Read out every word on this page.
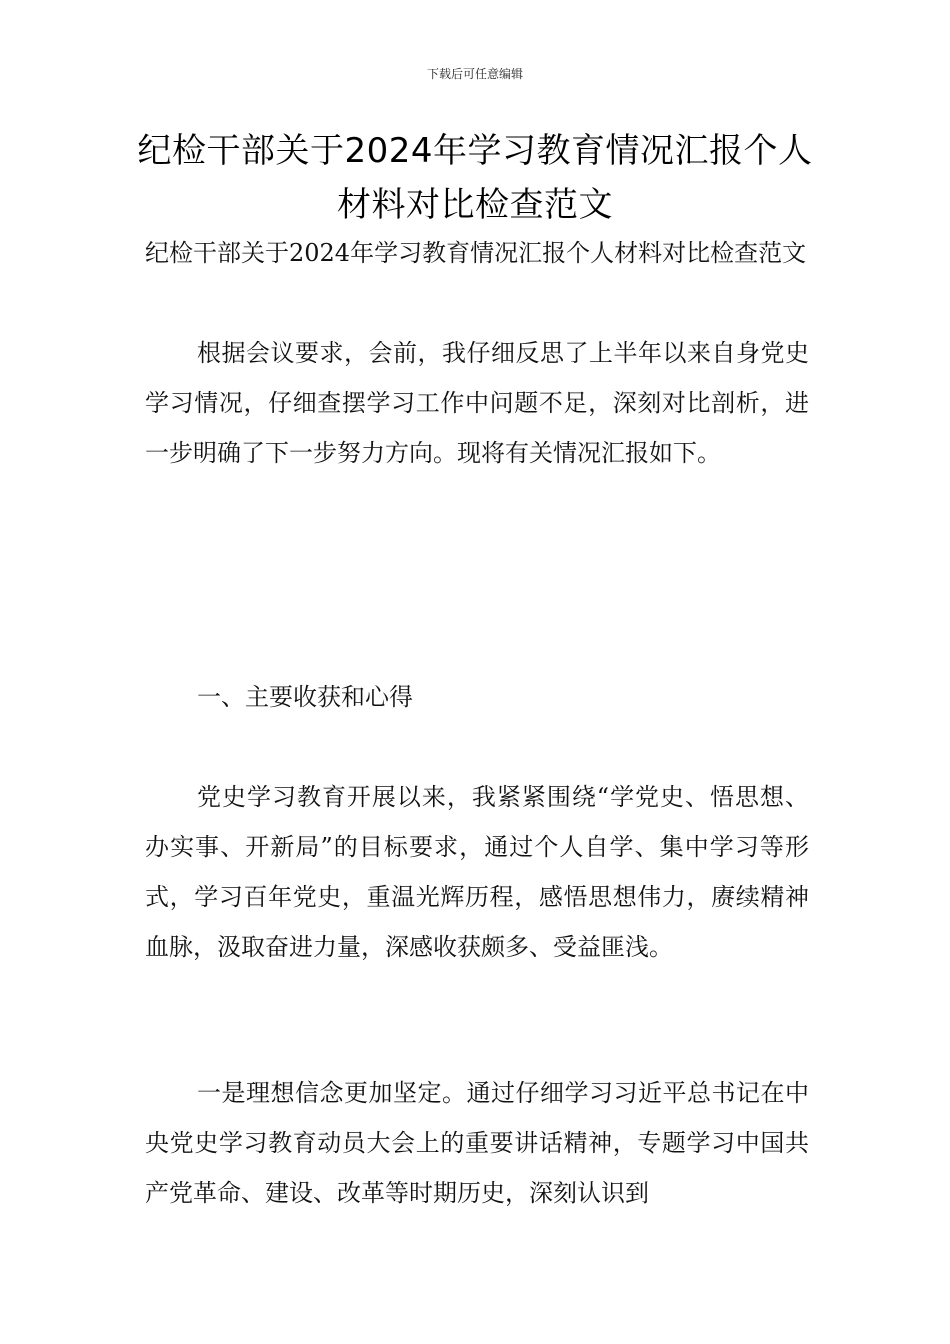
下载后可任意编辑
纪检干部关于2024年学习教育情况汇报个人材料对比检查范文

纪检干部关于2024年学习教育情况汇报个人材料对比检查范文

根据会议要求，会前，我仔细反思了上半年以来自身党史学习情况，仔细查摆学习工作中问题不足，深刻对比剖析，进一步明确了下一步努力方向。现将有关情况汇报如下。

一、主要收获和心得

党史学习教育开展以来，我紧紧围绕“学党史、悟思想、办实事、开新局”的目标要求，通过个人自学、集中学习等形式，学习百年党史，重温光辉历程，感悟思想伟力，赓续精神血脉，汲取奋进力量，深感收获颇多、受益匪浅。

一是理想信念更加坚定。通过仔细学习习近平总书记在中央党史学习教育动员大会上的重要讲话精神，专题学习中国共产党革命、建设、改革等时期历史，深刻认识到
